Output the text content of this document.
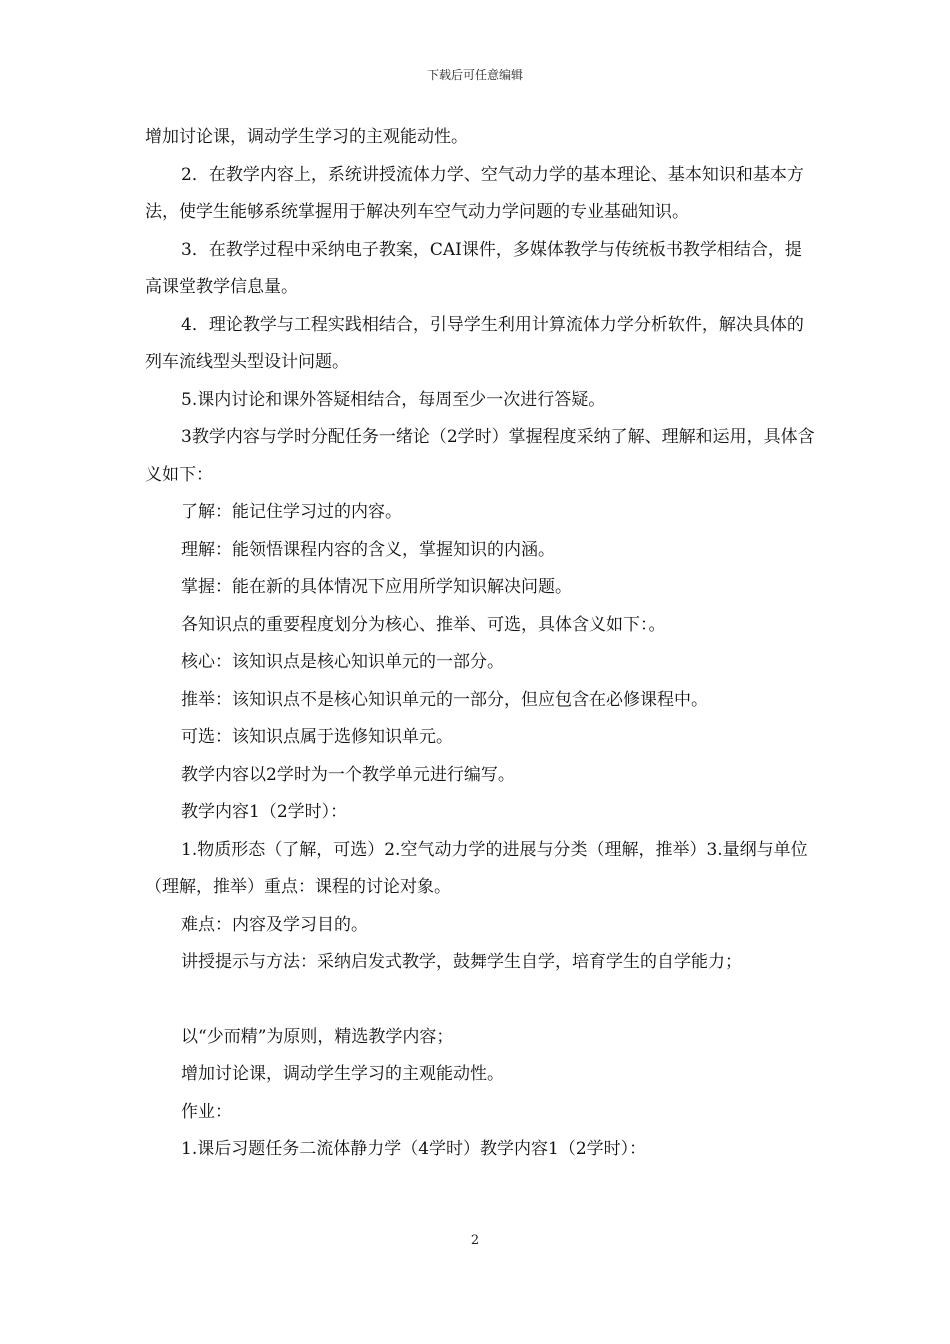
下载后可任意编辑

增加讨论课，调动学生学习的主观能动性。

2．在教学内容上，系统讲授流体力学、空气动力学的基本理论、基本知识和基本方法，使学生能够系统掌握用于解决列车空气动力学问题的专业基础知识。

3．在教学过程中采纳电子教案，CAI课件，多媒体教学与传统板书教学相结合，提高课堂教学信息量。

4．理论教学与工程实践相结合，引导学生利用计算流体力学分析软件，解决具体的列车流线型头型设计问题。

5.课内讨论和课外答疑相结合，每周至少一次进行答疑。

3教学内容与学时分配任务一绪论（2学时）掌握程度采纳了解、理解和运用，具体含义如下：

了解：能记住学习过的内容。

理解：能领悟课程内容的含义，掌握知识的内涵。

掌握：能在新的具体情况下应用所学知识解决问题。

各知识点的重要程度划分为核心、推举、可选，具体含义如下：。

核心：该知识点是核心知识单元的一部分。

推举：该知识点不是核心知识单元的一部分，但应包含在必修课程中。

可选：该知识点属于选修知识单元。

教学内容以2学时为一个教学单元进行编写。

教学内容1（2学时）：

1.物质形态（了解，可选）2.空气动力学的进展与分类（理解，推举）3.量纲与单位（理解，推举）重点：课程的讨论对象。

难点：内容及学习目的。

讲授提示与方法：采纳启发式教学，鼓舞学生自学，培育学生的自学能力；

以“少而精”为原则，精选教学内容；

增加讨论课，调动学生学习的主观能动性。

作业：

1.课后习题任务二流体静力学（4学时）教学内容1（2学时）：

2
